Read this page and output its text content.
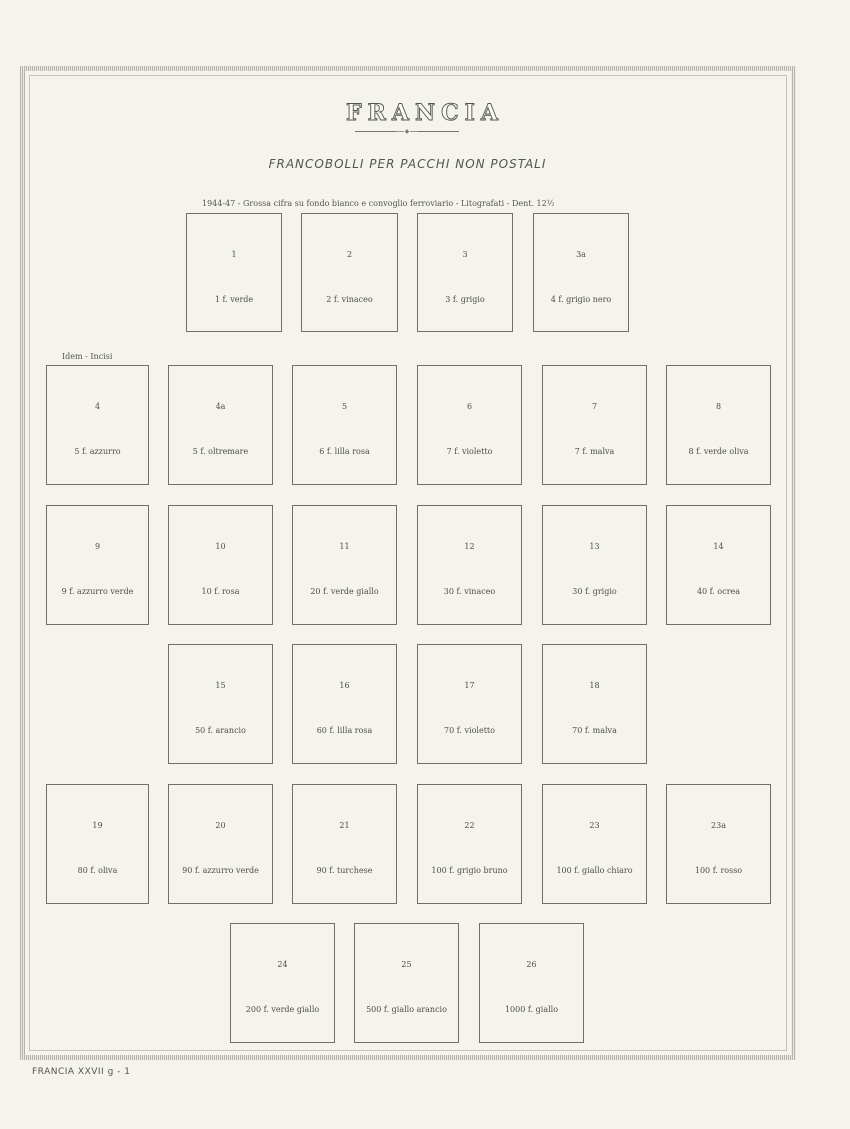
FRANCIA
FRANCOBOLLI PER PACCHI NON POSTALI
1944-47 - Grossa cifra su fondo bianco e convoglio ferroviario - Litografati - Dent. 12½
Idem - Incisi
1
1 f. verde
2
2 f. vinaceo
3
3 f. grigio
3a
4 f. grigio nero
4
5 f. azzurro
4a
5 f. oltremare
5
6 f. lilla rosa
6
7 f. violetto
7
7 f. malva
8
8 f. verde oliva
9
9 f. azzurro verde
10
10 f. rosa
11
20 f. verde giallo
12
30 f. vinaceo
13
30 f. grigio
14
40 f. ocrea
15
50 f. arancio
16
60 f. lilla rosa
17
70 f. violetto
18
70 f. malva
19
80 f. oliva
20
90 f. azzurro verde
21
90 f. turchese
22
100 f. grigio bruno
23
100 f. giallo chiaro
23a
100 f. rosso
24
200 f. verde giallo
25
500 f. giallo arancio
26
1000 f. giallo
FRANCIA XXVII g - 1
